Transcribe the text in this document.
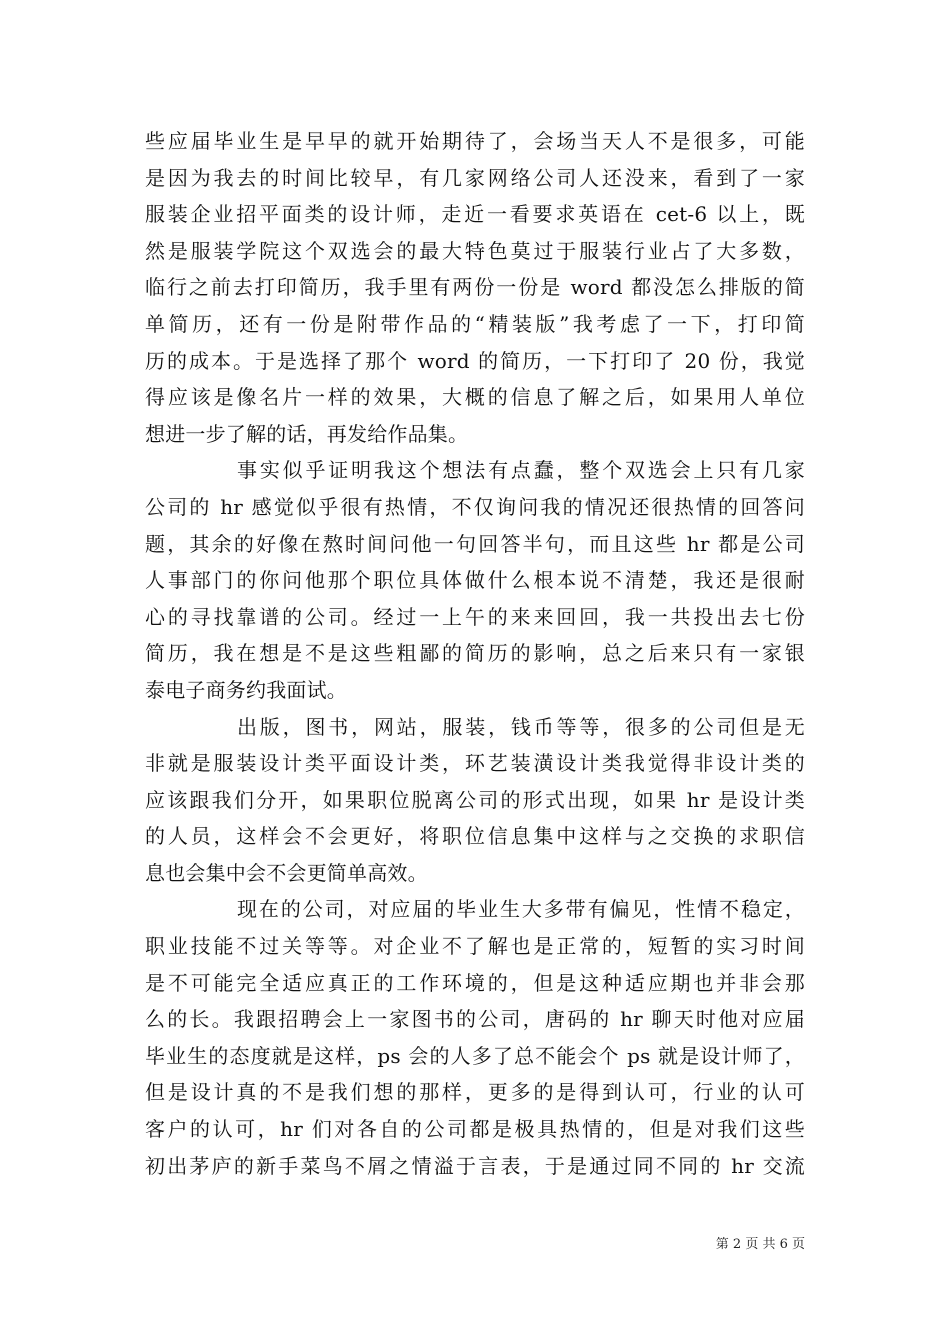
些应届毕业生是早早的就开始期待了，会场当天人不是很多，可能
是因为我去的时间比较早，有几家网络公司人还没来，看到了一家
服装企业招平面类的设计师，走近一看要求英语在 cet-6 以上，既
然是服装学院这个双选会的最大特色莫过于服装行业占了大多数，
临行之前去打印简历，我手里有两份一份是 word 都没怎么排版的简
单简历，还有一份是附带作品的“精装版”我考虑了一下，打印简
历的成本。于是选择了那个 word 的简历，一下打印了 20 份，我觉
得应该是像名片一样的效果，大概的信息了解之后，如果用人单位
想进一步了解的话，再发给作品集。
事实似乎证明我这个想法有点蠢，整个双选会上只有几家
公司的 hr 感觉似乎很有热情，不仅询问我的情况还很热情的回答问
题，其余的好像在熬时间问他一句回答半句，而且这些 hr 都是公司
人事部门的你问他那个职位具体做什么根本说不清楚，我还是很耐
心的寻找靠谱的公司。经过一上午的来来回回，我一共投出去七份
简历，我在想是不是这些粗鄙的简历的影响，总之后来只有一家银
泰电子商务约我面试。
出版，图书，网站，服装，钱币等等，很多的公司但是无
非就是服装设计类平面设计类，环艺装潢设计类我觉得非设计类的
应该跟我们分开，如果职位脱离公司的形式出现，如果 hr 是设计类
的人员，这样会不会更好，将职位信息集中这样与之交换的求职信
息也会集中会不会更简单高效。
现在的公司，对应届的毕业生大多带有偏见，性情不稳定，
职业技能不过关等等。对企业不了解也是正常的，短暂的实习时间
是不可能完全适应真正的工作环境的，但是这种适应期也并非会那
么的长。我跟招聘会上一家图书的公司，唐码的 hr 聊天时他对应届
毕业生的态度就是这样，ps 会的人多了总不能会个 ps 就是设计师了，
但是设计真的不是我们想的那样，更多的是得到认可，行业的认可
客户的认可，hr 们对各自的公司都是极具热情的，但是对我们这些
初出茅庐的新手菜鸟不屑之情溢于言表，于是通过同不同的 hr 交流
第 2 页 共 6 页
